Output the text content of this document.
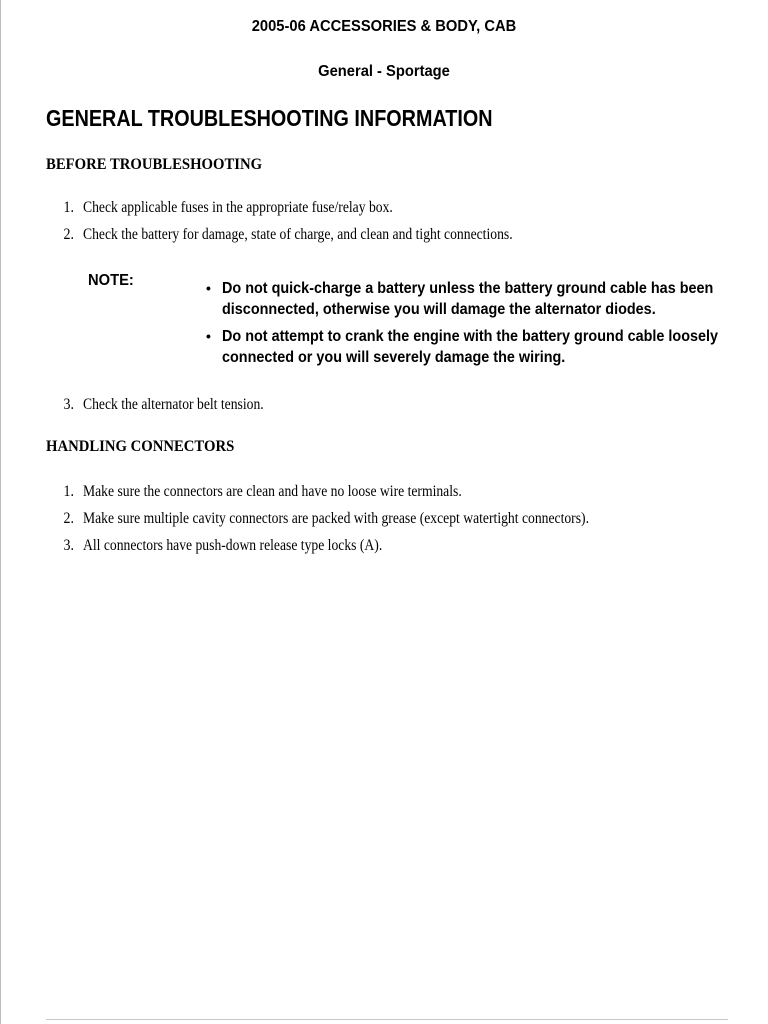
2005-06 ACCESSORIES & BODY, CAB
General - Sportage
GENERAL TROUBLESHOOTING INFORMATION
BEFORE TROUBLESHOOTING
1. Check applicable fuses in the appropriate fuse/relay box.
2. Check the battery for damage, state of charge, and clean and tight connections.
NOTE:	• Do not quick-charge a battery unless the battery ground cable has been disconnected, otherwise you will damage the alternator diodes.
• Do not attempt to crank the engine with the battery ground cable loosely connected or you will severely damage the wiring.
3. Check the alternator belt tension.
HANDLING CONNECTORS
1. Make sure the connectors are clean and have no loose wire terminals.
2. Make sure multiple cavity connectors are packed with grease (except watertight connectors).
3. All connectors have push-down release type locks (A).
